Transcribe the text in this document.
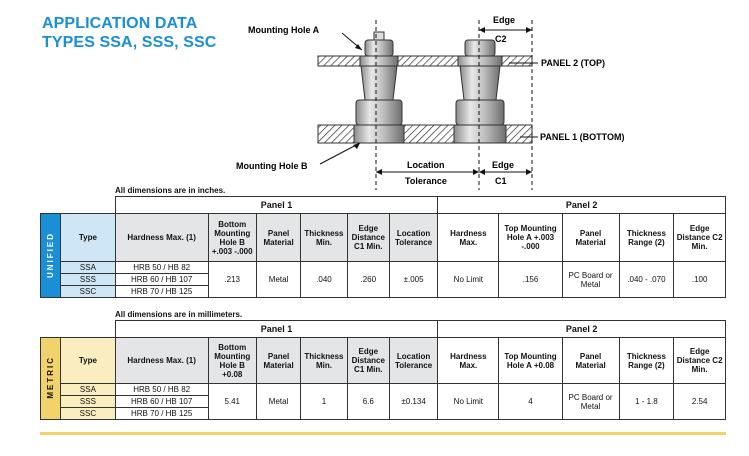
APPLICATION DATA
TYPES SSA, SSS, SSC
Mounting Hole A
Mounting Hole B
Edge
C2
PANEL 2 (TOP)
PANEL 1 (BOTTOM)
Location
Tolerance
Edge
C1
All dimensions are in inches.
		Panel 1						Panel 2				
UNIFIED	Type	Hardness Max. (1)	Bottom Mounting Hole B +.003 -.000	Panel Material	Thickness Min.	Edge Distance C1 Min.	Location Tolerance	Hardness Max.	Top Mounting Hole A +.003 -.000	Panel Material	Thickness Range (2)	Edge Distance C2 Min.
	SSA	HRB 50 / HB 82	.213	Metal	.040	.260	±.005	No Limit	.156	PC Board or Metal	.040 - .070	.100
	SSS	HRB 60 / HB 107										
	SSC	HRB 70 / HB 125										
All dimensions are in millimeters.
		Panel 1						Panel 2				
METRIC	Type	Hardness Max. (1)	Bottom Mounting Hole B +0.08	Panel Material	Thickness Min.	Edge Distance C1 Min.	Location Tolerance	Hardness Max.	Top Mounting Hole A +0.08	Panel Material	Thickness Range (2)	Edge Distance C2 Min.
	SSA	HRB 50 / HB 82	5.41	Metal	1	6.6	±0.134	No Limit	4	PC Board or Metal	1 - 1.8	2.54
	SSS	HRB 60 / HB 107										
	SSC	HRB 70 / HB 125										
